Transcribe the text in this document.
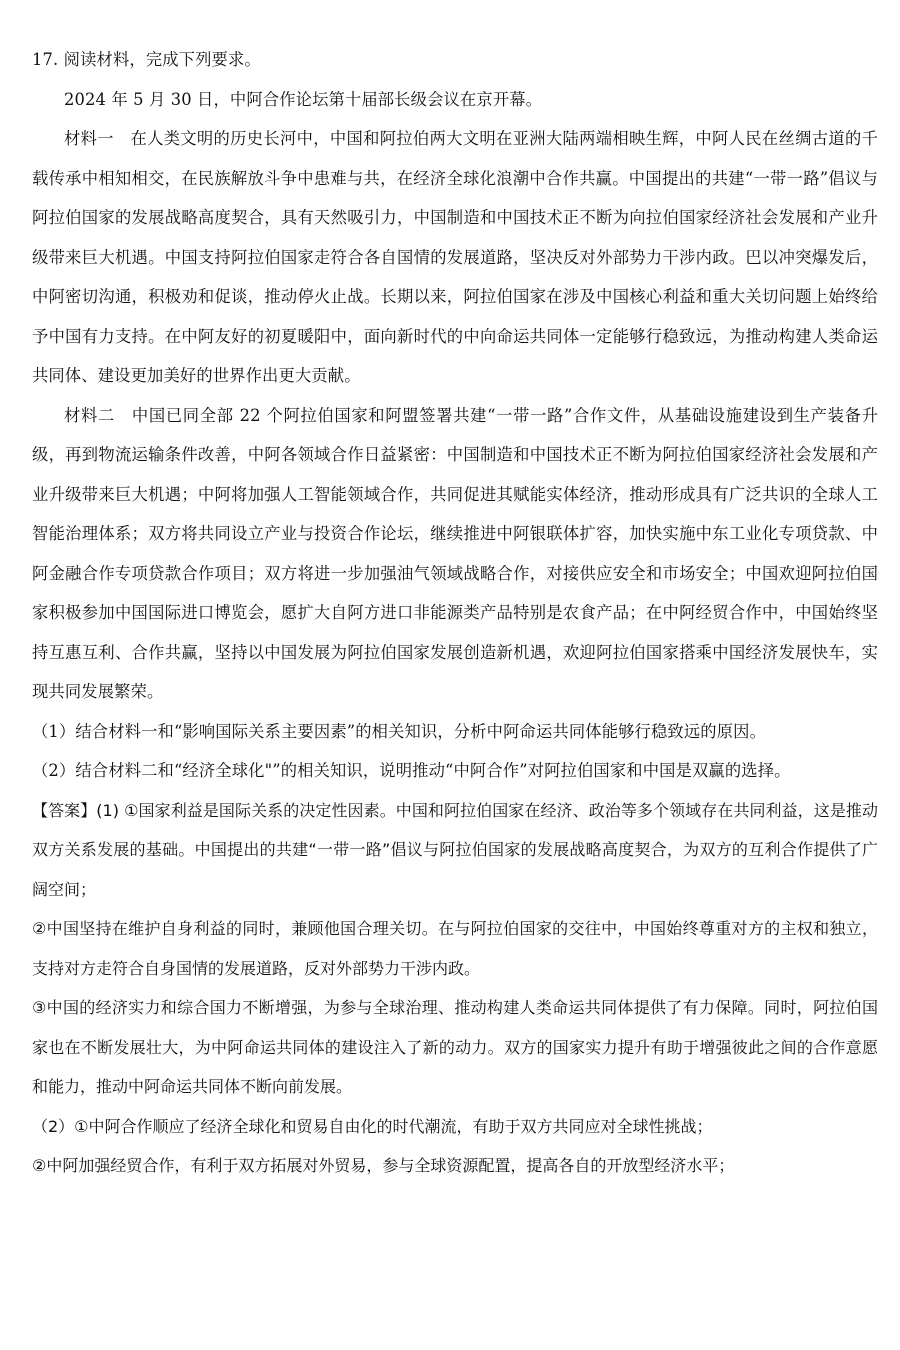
17. 阅读材料，完成下列要求。

2024 年 5 月 30 日，中阿合作论坛第十届部长级会议在京开幕。

材料一　在人类文明的历史长河中，中国和阿拉伯两大文明在亚洲大陆两端相映生辉，中阿人民在丝绸古道的千载传承中相知相交，在民族解放斗争中患难与共，在经济全球化浪潮中合作共赢。中国提出的共建“一带一路”倡议与阿拉伯国家的发展战略高度契合，具有天然吸引力，中国制造和中国技术正不断为向拉伯国家经济社会发展和产业升级带来巨大机遇。中国支持阿拉伯国家走符合各自国情的发展道路，坚决反对外部势力干涉内政。巴以冲突爆发后，中阿密切沟通，积极劝和促谈，推动停火止战。长期以来，阿拉伯国家在涉及中国核心利益和重大关切问题上始终给予中国有力支持。在中阿友好的初夏暖阳中，面向新时代的中向命运共同体一定能够行稳致远，为推动构建人类命运共同体、建设更加美好的世界作出更大贡献。

材料二　中国已同全部 22 个阿拉伯国家和阿盟签署共建“一带一路”合作文件，从基础设施建设到生产装备升级，再到物流运输条件改善，中阿各领域合作日益紧密：中国制造和中国技术正不断为阿拉伯国家经济社会发展和产业升级带来巨大机遇；中阿将加强人工智能领域合作，共同促进其赋能实体经济，推动形成具有广泛共识的全球人工智能治理体系；双方将共同设立产业与投资合作论坛，继续推进中阿银联体扩容，加快实施中东工业化专项贷款、中阿金融合作专项贷款合作项目；双方将进一步加强油气领域战略合作，对接供应安全和市场安全；中国欢迎阿拉伯国家积极参加中国国际进口博览会，愿扩大自阿方进口非能源类产品特别是农食产品；在中阿经贸合作中，中国始终坚持互惠互利、合作共赢，坚持以中国发展为阿拉伯国家发展创造新机遇，欢迎阿拉伯国家搭乘中国经济发展快车，实现共同发展繁荣。

（1）结合材料一和“影响国际关系主要因素”的相关知识，分析中阿命运共同体能够行稳致远的原因。

（2）结合材料二和“经济全球化"”的相关知识，说明推动“中阿合作”对阿拉伯国家和中国是双赢的选择。

【答案】(1) ①国家利益是国际关系的决定性因素。中国和阿拉伯国家在经济、政治等多个领域存在共同利益，这是推动双方关系发展的基础。中国提出的共建“一带一路”倡议与阿拉伯国家的发展战略高度契合，为双方的互利合作提供了广阔空间；

②中国坚持在维护自身利益的同时，兼顾他国合理关切。在与阿拉伯国家的交往中，中国始终尊重对方的主权和独立，支持对方走符合自身国情的发展道路，反对外部势力干涉内政。

③中国的经济实力和综合国力不断增强，为参与全球治理、推动构建人类命运共同体提供了有力保障。同时，阿拉伯国家也在不断发展壮大，为中阿命运共同体的建设注入了新的动力。双方的国家实力提升有助于增强彼此之间的合作意愿和能力，推动中阿命运共同体不断向前发展。

（2）①中阿合作顺应了经济全球化和贸易自由化的时代潮流，有助于双方共同应对全球性挑战；

②中阿加强经贸合作，有利于双方拓展对外贸易，参与全球资源配置，提高各自的开放型经济水平；
